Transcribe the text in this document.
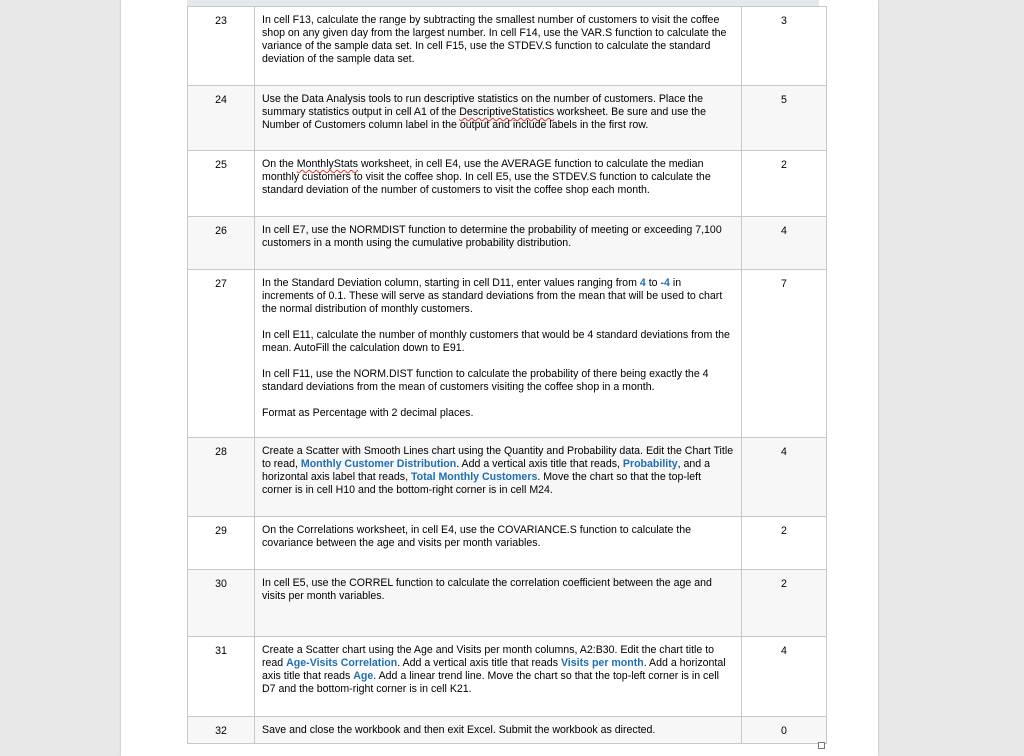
23	In cell F13, calculate the range by subtracting the smallest number of customers to visit the coffee shop on any given day from the largest number. In cell F14, use the VAR.S function to calculate the variance of the sample data set. In cell F15, use the STDEV.S function to calculate the standard deviation of the sample data set.	3
24	Use the Data Analysis tools to run descriptive statistics on the number of customers. Place the summary statistics output in cell A1 of the DescriptiveStatistics worksheet. Be sure and use the Number of Customers column label in the output and include labels in the first row.	5
25	On the MonthlyStats worksheet, in cell E4, use the AVERAGE function to calculate the median monthly customers to visit the coffee shop. In cell E5, use the STDEV.S function to calculate the standard deviation of the number of customers to visit the coffee shop each month.	2
26	In cell E7, use the NORMDIST function to determine the probability of meeting or exceeding 7,100 customers in a month using the cumulative probability distribution.	4
27	In the Standard Deviation column, starting in cell D11, enter values ranging from 4 to -4 in increments of 0.1. These will serve as standard deviations from the mean that will be used to chart the normal distribution of monthly customers.

In cell E11, calculate the number of monthly customers that would be 4 standard deviations from the mean. AutoFill the calculation down to E91.

In cell F11, use the NORM.DIST function to calculate the probability of there being exactly the 4 standard deviations from the mean of customers visiting the coffee shop in a month.

Format as Percentage with 2 decimal places.	7
28	Create a Scatter with Smooth Lines chart using the Quantity and Probability data. Edit the Chart Title to read, Monthly Customer Distribution. Add a vertical axis title that reads, Probability, and a horizontal axis label that reads, Total Monthly Customers. Move the chart so that the top-left corner is in cell H10 and the bottom-right corner is in cell M24.	4
29	On the Correlations worksheet, in cell E4, use the COVARIANCE.S function to calculate the covariance between the age and visits per month variables.	2
30	In cell E5, use the CORREL function to calculate the correlation coefficient between the age and visits per month variables.	2
31	Create a Scatter chart using the Age and Visits per month columns, A2:B30. Edit the chart title to read Age-Visits Correlation. Add a vertical axis title that reads Visits per month. Add a horizontal axis title that reads Age. Add a linear trend line. Move the chart so that the top-left corner is in cell D7 and the bottom-right corner is in cell K21.	4
32	Save and close the workbook and then exit Excel. Submit the workbook as directed.	0
